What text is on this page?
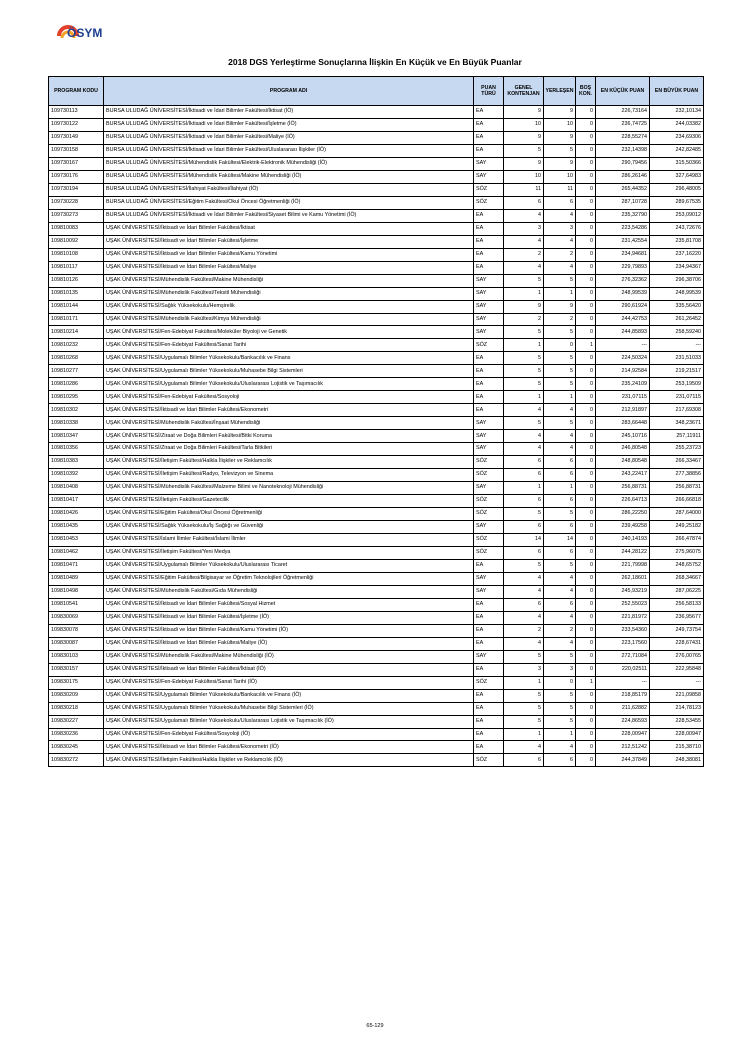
ÖSYM
2018 DGS Yerleştirme Sonuçlarına İlişkin En Küçük ve En Büyük Puanlar
PROGRAM KODU	PROGRAM ADI	PUAN TÜRÜ	GENEL KONTENJAN	YERLEŞEN	BOŞ KON.	EN KÜÇÜK PUAN	EN BÜYÜK PUAN
109730113	BURSA ULUDAĞ ÜNİVERSİTESİ/İktisadi ve İdari Bilimler Fakültesi/İktisat (İÖ)	EA	9	9	0	226,73164	232,10134
109730122	BURSA ULUDAĞ ÜNİVERSİTESİ/İktisadi ve İdari Bilimler Fakültesi/İşletme (İÖ)	EA	10	10	0	236,74725	244,03382
109730149	BURSA ULUDAĞ ÜNİVERSİTESİ/İktisadi ve İdari Bilimler Fakültesi/Maliye (İÖ)	EA	9	9	0	228,55274	234,69306
109730158	BURSA ULUDAĞ ÜNİVERSİTESİ/İktisadi ve İdari Bilimler Fakültesi/Uluslararası İlişkiler (İÖ)	EA	5	5	0	232,14398	242,82485
109730167	BURSA ULUDAĞ ÜNİVERSİTESİ/Mühendislik Fakültesi/Elektrik-Elektronik Mühendisliği (İÖ)	SAY	9	9	0	290,79456	315,50366
109730176	BURSA ULUDAĞ ÜNİVERSİTESİ/Mühendislik Fakültesi/Makine Mühendisliği (İÖ)	SAY	10	10	0	286,26146	327,64983
109730194	BURSA ULUDAĞ ÜNİVERSİTESİ/İlahiyat Fakültesi/İlahiyat (İÖ)	SÖZ	11	11	0	265,44352	296,48005
109730228	BURSA ULUDAĞ ÜNİVERSİTESİ/Eğitim Fakültesi/Okul Öncesi Öğretmenliği (İÖ)	SÖZ	6	6	0	287,10728	289,67535
109730273	BURSA ULUDAĞ ÜNİVERSİTESİ/İktisadi ve İdari Bilimler Fakültesi/Siyaset Bilimi ve Kamu Yönetimi (İÖ)	EA	4	4	0	235,32790	253,09012
109810083	UŞAK ÜNİVERSİTESİ/İktisadi ve İdari Bilimler Fakültesi/İktisat	EA	3	3	0	223,54286	243,72676
109810092	UŞAK ÜNİVERSİTESİ/İktisadi ve İdari Bilimler Fakültesi/İşletme	EA	4	4	0	231,42554	235,81708
109810108	UŞAK ÜNİVERSİTESİ/İktisadi ve İdari Bilimler Fakültesi/Kamu Yönetimi	EA	2	2	0	234,94681	237,16220
109810117	UŞAK ÜNİVERSİTESİ/İktisadi ve İdari Bilimler Fakültesi/Maliye	EA	4	4	0	229,79893	234,94367
109810126	UŞAK ÜNİVERSİTESİ/Mühendislik Fakültesi/Makine Mühendisliği	SAY	5	5	0	276,32362	296,38706
109810135	UŞAK ÜNİVERSİTESİ/Mühendislik Fakültesi/Tekstil Mühendisliği	SAY	1	1	0	248,99539	248,99539
109810144	UŞAK ÜNİVERSİTESİ/Sağlık Yüksekokulu/Hemşirelik	SAY	9	9	0	290,61924	335,56420
109810171	UŞAK ÜNİVERSİTESİ/Mühendislik Fakültesi/Kimya Mühendisliği	SAY	2	2	0	244,42753	261,26452
109810214	UŞAK ÜNİVERSİTESİ/Fen-Edebiyat Fakültesi/Moleküler Biyoloji ve Genetik	SAY	5	5	0	244,85893	258,59240
109810232	UŞAK ÜNİVERSİTESİ/Fen-Edebiyat Fakültesi/Sanat Tarihi	SÖZ	1	0	1	---	---
109810268	UŞAK ÜNİVERSİTESİ/Uygulamalı Bilimler Yüksekokulu/Bankacılık ve Finans	EA	5	5	0	224,50324	231,51033
109810277	UŞAK ÜNİVERSİTESİ/Uygulamalı Bilimler Yüksekokulu/Muhasebe Bilgi Sistemleri	EA	5	5	0	214,92584	219,21517
109810286	UŞAK ÜNİVERSİTESİ/Uygulamalı Bilimler Yüksekokulu/Uluslararası Lojistik ve Taşımacılık	EA	5	5	0	235,24109	253,19509
109810295	UŞAK ÜNİVERSİTESİ/Fen-Edebiyat Fakültesi/Sosyoloji	EA	1	1	0	231,07115	231,07115
109810302	UŞAK ÜNİVERSİTESİ/İktisadi ve İdari Bilimler Fakültesi/Ekonometri	EA	4	4	0	212,91897	217,69308
109810338	UŞAK ÜNİVERSİTESİ/Mühendislik Fakültesi/İnşaat Mühendisliği	SAY	5	5	0	283,66448	348,23671
109810347	UŞAK ÜNİVERSİTESİ/Ziraat ve Doğa Bilimleri Fakültesi/Bitki Koruma	SAY	4	4	0	245,10716	257,11911
109810356	UŞAK ÜNİVERSİTESİ/Ziraat ve Doğa Bilimleri Fakültesi/Tarla Bitkileri	SAY	4	4	0	246,80548	255,23723
109810383	UŞAK ÜNİVERSİTESİ/İletişim Fakültesi/Halkla İlişkiler ve Reklamcılık	SÖZ	6	6	0	248,80548	266,33467
109810392	UŞAK ÜNİVERSİTESİ/İletişim Fakültesi/Radyo, Televizyon ve Sinema	SÖZ	6	6	0	243,22417	277,38856
109810408	UŞAK ÜNİVERSİTESİ/Mühendislik Fakültesi/Malzeme Bilimi ve Nanoteknoloji Mühendisliği	SAY	1	1	0	256,88731	256,88731
109810417	UŞAK ÜNİVERSİTESİ/İletişim Fakültesi/Gazetecilik	SÖZ	6	6	0	226,64713	266,66818
109810426	UŞAK ÜNİVERSİTESİ/Eğitim Fakültesi/Okul Öncesi Öğretmenliği	SÖZ	5	5	0	286,22250	287,64000
109810435	UŞAK ÜNİVERSİTESİ/Sağlık Yüksekokulu/İş Sağlığı ve Güvenliği	SAY	6	6	0	239,49258	249,25182
109810453	UŞAK ÜNİVERSİTESİ/İslami İlimler Fakültesi/İslami İlimler	SÖZ	14	14	0	240,14193	266,47874
109810462	UŞAK ÜNİVERSİTESİ/İletişim Fakültesi/Yeni Medya	SÖZ	6	6	0	244,28122	275,96075
109810471	UŞAK ÜNİVERSİTESİ/Uygulamalı Bilimler Yüksekokulu/Uluslararası Ticaret	EA	5	5	0	221,79998	248,65752
109810489	UŞAK ÜNİVERSİTESİ/Eğitim Fakültesi/Bilgisayar ve Öğretim Teknolojileri Öğretmenliği	SAY	4	4	0	262,18601	268,34667
109810498	UŞAK ÜNİVERSİTESİ/Mühendislik Fakültesi/Gıda Mühendisliği	SAY	4	4	0	245,93219	287,06225
109810541	UŞAK ÜNİVERSİTESİ/İktisadi ve İdari Bilimler Fakültesi/Sosyal Hizmet	EA	6	6	0	252,55023	256,58133
109830069	UŞAK ÜNİVERSİTESİ/İktisadi ve İdari Bilimler Fakültesi/İşletme (İÖ)	EA	4	4	0	221,81972	236,95677
109830078	UŞAK ÜNİVERSİTESİ/İktisadi ve İdari Bilimler Fakültesi/Kamu Yönetimi (İÖ)	EA	2	2	0	233,54360	249,73754
109830087	UŞAK ÜNİVERSİTESİ/İktisadi ve İdari Bilimler Fakültesi/Maliye (İÖ)	EA	4	4	0	223,17560	228,67431
109830103	UŞAK ÜNİVERSİTESİ/Mühendislik Fakültesi/Makine Mühendisliği (İÖ)	SAY	5	5	0	272,71084	276,00765
109830157	UŞAK ÜNİVERSİTESİ/İktisadi ve İdari Bilimler Fakültesi/İktisat (İÖ)	EA	3	3	0	220,02511	222,95848
109830175	UŞAK ÜNİVERSİTESİ/Fen-Edebiyat Fakültesi/Sanat Tarihi (İÖ)	SÖZ	1	0	1	---	---
109830209	UŞAK ÜNİVERSİTESİ/Uygulamalı Bilimler Yüksekokulu/Bankacılık ve Finans (İÖ)	EA	5	5	0	218,85179	221,09858
109830218	UŞAK ÜNİVERSİTESİ/Uygulamalı Bilimler Yüksekokulu/Muhasebe Bilgi Sistemleri (İÖ)	EA	5	5	0	211,62882	214,78123
109830227	UŞAK ÜNİVERSİTESİ/Uygulamalı Bilimler Yüksekokulu/Uluslararası Lojistik ve Taşımacılık (İÖ)	EA	5	5	0	224,86593	228,53455
109830236	UŞAK ÜNİVERSİTESİ/Fen-Edebiyat Fakültesi/Sosyoloji (İÖ)	EA	1	1	0	228,00947	228,00947
109830245	UŞAK ÜNİVERSİTESİ/İktisadi ve İdari Bilimler Fakültesi/Ekonometri (İÖ)	EA	4	4	0	212,51242	215,38710
109830272	UŞAK ÜNİVERSİTESİ/İletişim Fakültesi/Halkla İlişkiler ve Reklamcılık (İÖ)	SÖZ	6	6	0	244,37849	248,38081
65-129
